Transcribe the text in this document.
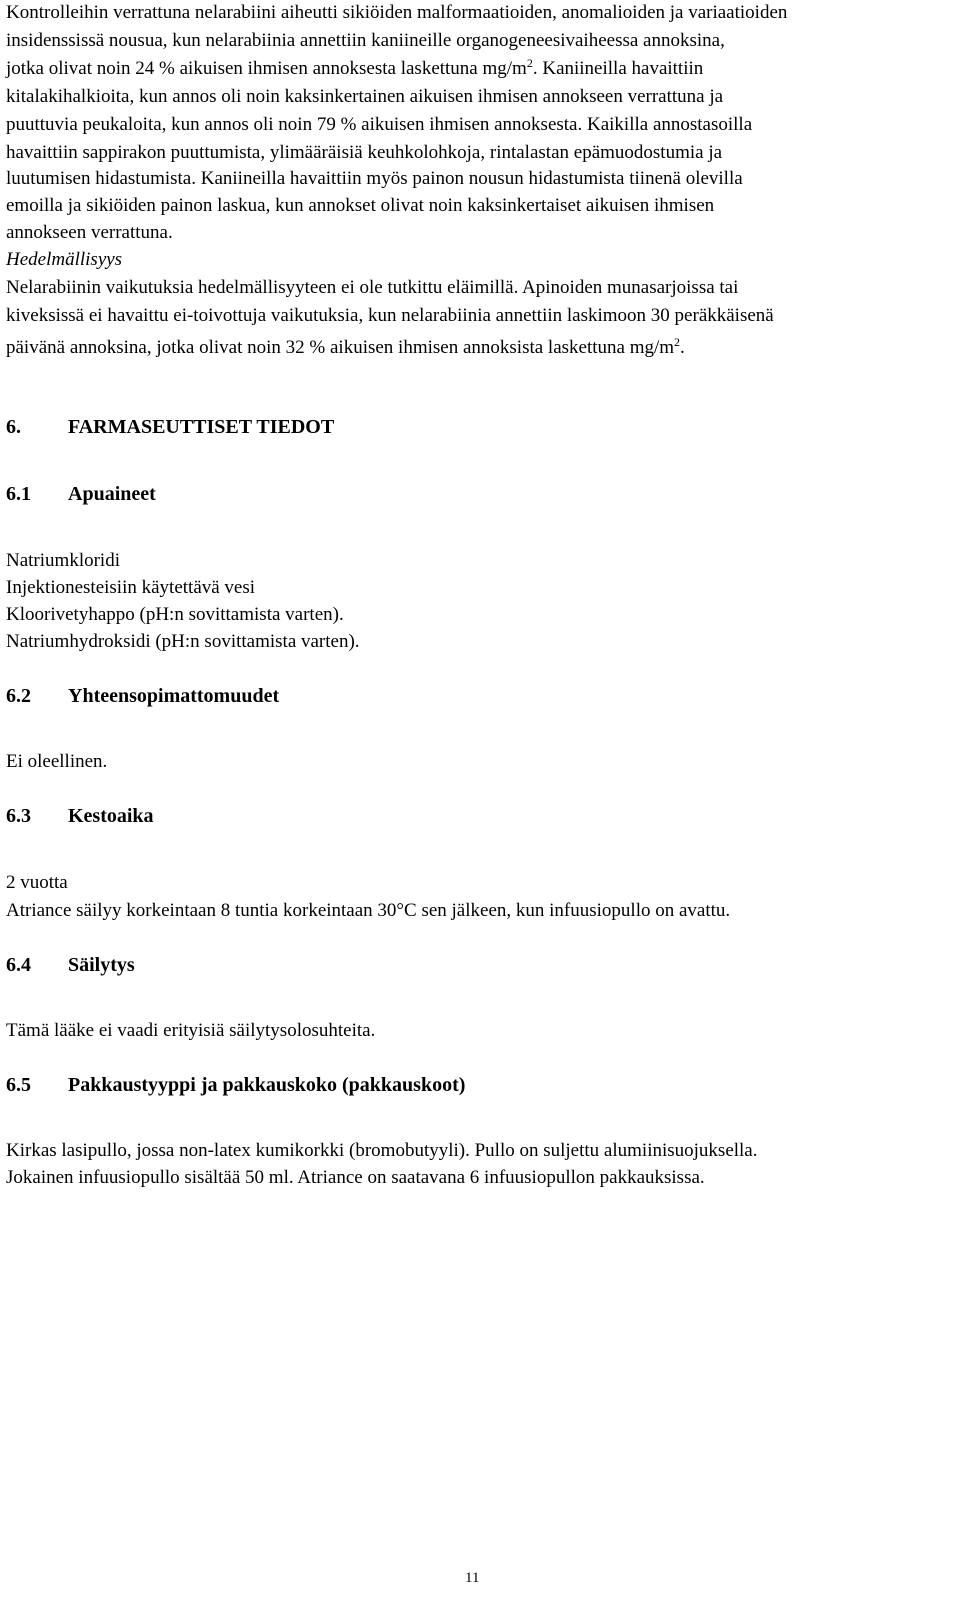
Kontrolleihin verrattuna nelarabiini aiheutti sikiöiden malformaatioiden, anomalioiden ja variaatioiden
insidenssissä nousua, kun nelarabiinia annettiin kaniineille organogeneesivaiheessa annoksina,
jotka olivat noin 24 % aikuisen ihmisen annoksesta laskettuna $mg/m^2$. Kaniineilla havaittiin
kitalakihalkioita, kun annos oli noin kaksinkertainen aikuisen ihmisen annokseen verrattuna ja
puuttuvia peukaloita, kun annos oli noin 79 % aikuisen ihmisen annoksesta. Kaikilla annostasoilla
havaittiin sappirakon puuttumista, ylimääräisiä keuhkolohkoja, rintalastan epämuodostumia ja
luutumisen hidastumista. Kaniineilla havaittiin myös painon nousun hidastumista tiinenä olevilla
emoilla ja sikiöiden painon laskua, kun annokset olivat noin kaksinkertaiset aikuisen ihmisen
annokseen verrattuna.
Hedelmällisyys
Nelarabiinin vaikutuksia hedelmällisyyteen ei ole tutkittu eläimillä. Apinoiden munasarjoissa tai
kiveksissä ei havaittu ei-toivottuja vaikutuksia, kun nelarabiinia annettiin laskimoon 30 peräkkäisenä
päivänä annoksina, jotka olivat noin 32 % aikuisen ihmisen annoksista laskettuna $mg/m^2$.
6. FARMASEUTTISET TIEDOT
6.1 Apuaineet
Natriumkloridi
Injektionesteisiin käytettävä vesi
Kloorivetyhappo (pH:n sovittamista varten).
Natriumhydroksidi (pH:n sovittamista varten).
6.2 Yhteensopimattomuudet
Ei oleellinen.
6.3 Kestoaika
2 vuotta
Atriance säilyy korkeintaan 8 tuntia korkeintaan 30°C sen jälkeen, kun infuusiopullo on avattu.
6.4 Säilytys
Tämä lääke ei vaadi erityisiä säilytysolosuhteita.
6.5 Pakkaustyyppi ja pakkauskoko (pakkauskoot)
Kirkas lasipullo, jossa non-latex kumikorkki (bromobutyyli). Pullo on suljettu alumiinisuojuksella.
Jokainen infuusiopullo sisältää 50 ml. Atriance on saatavana 6 infuusiopullon pakkauksissa.
11
